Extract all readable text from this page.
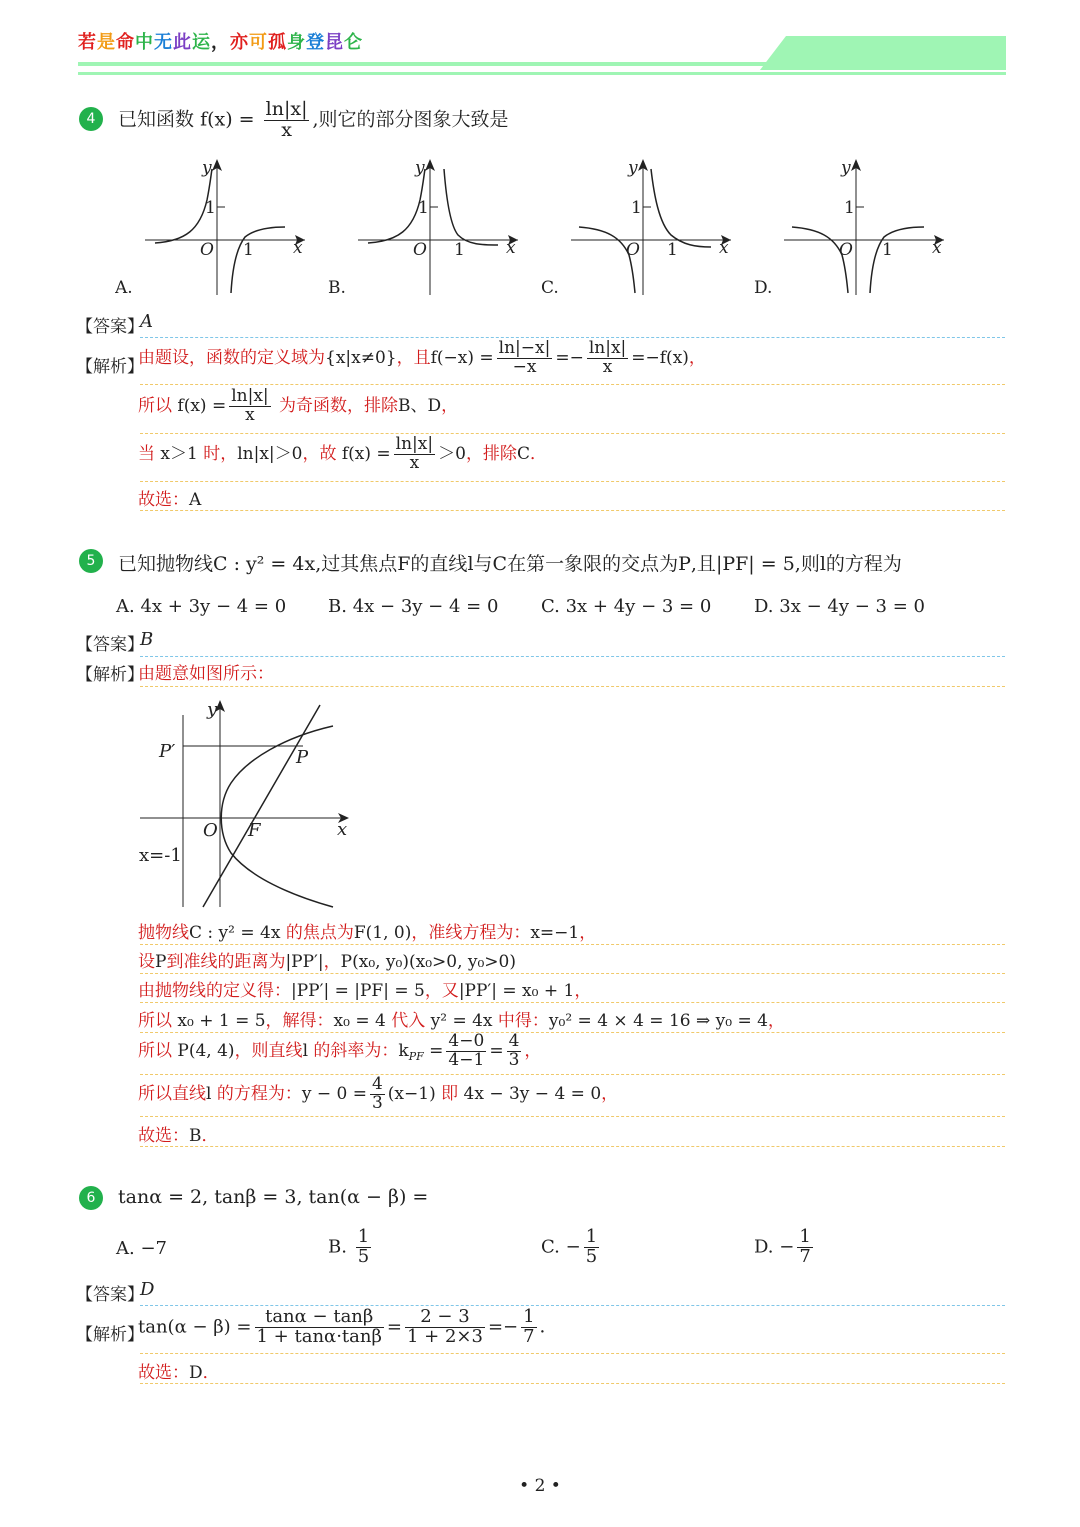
若是命中无此运，亦可孤身登昆仑
4	已知函数 $f(x) = \frac{\ln|x|}{x}$ ,则它的部分图象大致是
y
x
O
1
1
A.
y
x
O
1
1
B.
y
x
O
1
1
C.
y
x
O
1
1
D.
【答案】
A
【解析】
由题设，函数的定义域为{x|x≠0}，且$f(-x) = \frac{\ln|-x|}{-x} =- \frac{\ln|x|}{x} =-f(x)$，
所以 $f(x) = \frac{\ln|x|}{x}$ 为奇函数，排除B、D，
当 x＞1 时，ln|x|＞0，故 $f(x) = \frac{\ln|x|}{x} >0$，排除C．
故选：A
5	已知抛物线C : y² = 4x,过其焦点F的直线l与C在第一象限的交点为P,且|PF| = 5,则l的方程为
A. 4x + 3y − 4 = 0 B. 4x − 3y − 4 = 0 C. 3x + 4y − 3 = 0 D. 3x − 4y − 3 = 0
【答案】
B
【解析】
由题意如图所示：
y
x
P′	P
O F
x=-1
抛物线C : y² = 4x 的焦点为F(1, 0)，准线方程为：x=−1，
设P到准线的距离为|PP′|，P(x₀, y₀)(x₀>0, y₀>0)
由抛物线的定义得：|PP′| = |PF| = 5，又|PP′| = x₀ + 1，
所以 x₀ + 1 = 5，解得：x₀ = 4 代入 y² = 4x 中得：y₀² = 4 × 4 = 16 ⇒ y₀ = 4，
所以 P(4, 4)，则直线l 的斜率为：$k_{PF} = \frac{4-0}{4-1} = \frac{4}{3}$ ，
所以直线l 的方程为：$y - 0 = \frac{4}{3} (x-1)$ 即 4x − 3y − 4 = 0，
故选：B．
6	tanα = 2, tanβ = 3, tan(α − β) =
A. −7	B. $\frac{1}{5}$	C. − $\frac{1}{5}$	D. − $\frac{1}{7}$
【答案】
D
【解析】
$\tan(\alpha - \beta) = \frac{\tan\alpha - \tan\beta}{1 + \tan\alpha\cdot\tan\beta} = \frac{2 - 3}{1 + 2\times 3} =- \frac{1}{7}$ ．
故选：D．
• 2 •
